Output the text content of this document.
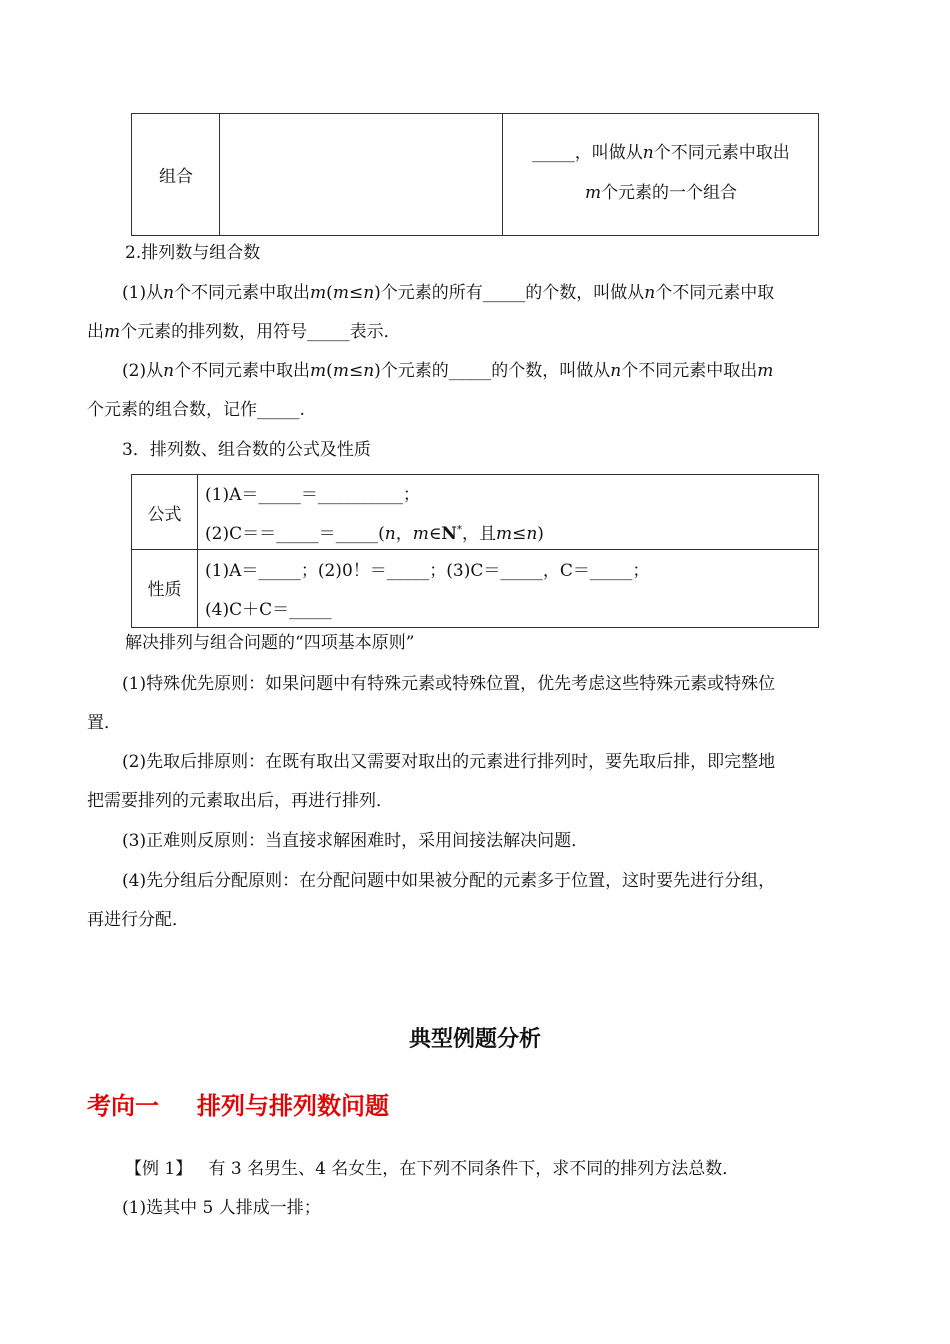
组合
_____，叫做从n个不同元素中取出
m个元素的一个组合
2.排列数与组合数
(1)从n个不同元素中取出m(m≤n)个元素的所有_____的个数，叫做从n个不同元素中取
出m个元素的排列数，用符号_____表示．
(2)从n个不同元素中取出m(m≤n)个元素的_____的个数，叫做从n个不同元素中取出m
个元素的组合数，记作_____.
3．排列数、组合数的公式及性质
公式
(1)A＝_____＝__________；
(2)C＝＝_____＝_____(n，m∈N*，且m≤n)
性质
(1)A＝_____；(2)0！＝_____；(3)C＝_____，C＝_____；
(4)C＋C＝_____
解决排列与组合问题的“四项基本原则”
(1)特殊优先原则：如果问题中有特殊元素或特殊位置，优先考虑这些特殊元素或特殊位
置．
(2)先取后排原则：在既有取出又需要对取出的元素进行排列时，要先取后排，即完整地
把需要排列的元素取出后，再进行排列．
(3)正难则反原则：当直接求解困难时，采用间接法解决问题．
(4)先分组后分配原则：在分配问题中如果被分配的元素多于位置，这时要先进行分组，
再进行分配．
典型例题分析
考向一 排列与排列数问题
【例 1】 有 3 名男生、4 名女生，在下列不同条件下，求不同的排列方法总数．
(1)选其中 5 人排成一排；
